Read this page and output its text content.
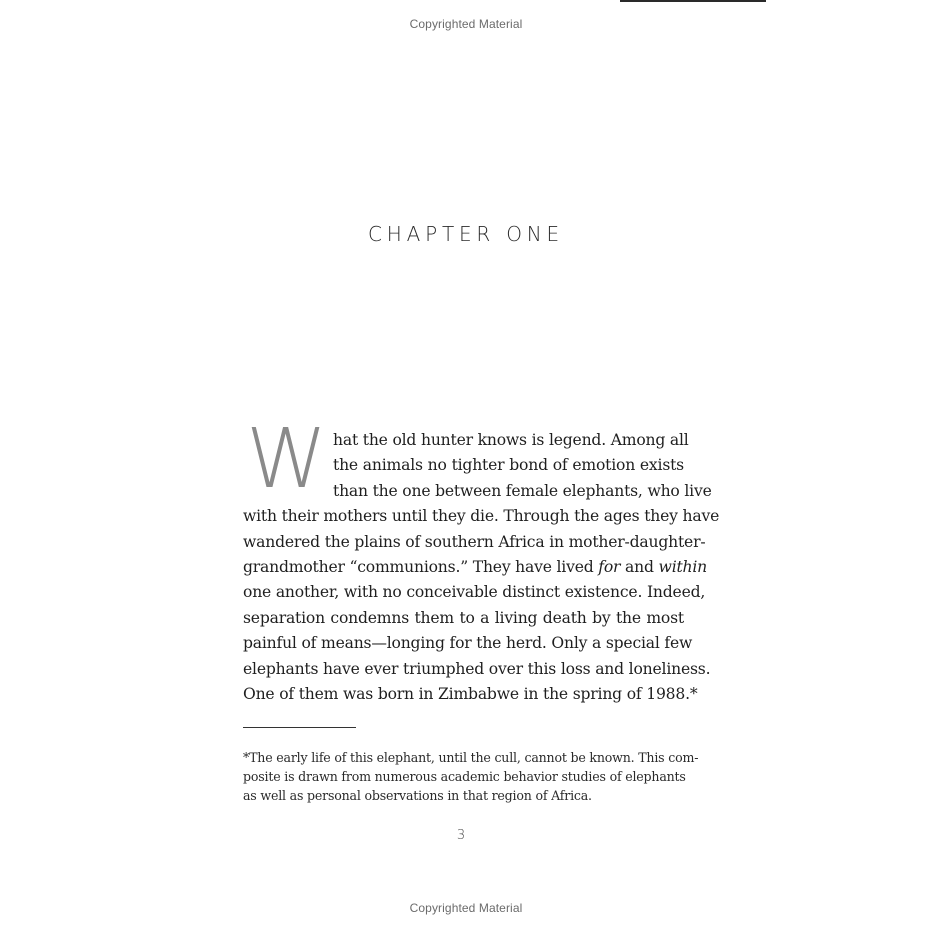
Copyrighted Material
CHAPTER ONE
W hat the old hunter knows is legend. Among all
the animals no tighter bond of emotion exists
than the one between female elephants, who live
with their mothers until they die. Through the ages they have
wandered the plains of southern Africa in mother-daughter-
grandmother “communions.” They have lived for and within
one another, with no conceivable distinct existence. Indeed,
separation condemns them to a living death by the most
painful of means—longing for the herd. Only a special few
elephants have ever triumphed over this loss and loneliness.
One of them was born in Zimbabwe in the spring of 1988.*
*The early life of this elephant, until the cull, cannot be known. This com-
posite is drawn from numerous academic behavior studies of elephants
as well as personal observations in that region of Africa.
3
Copyrighted Material
